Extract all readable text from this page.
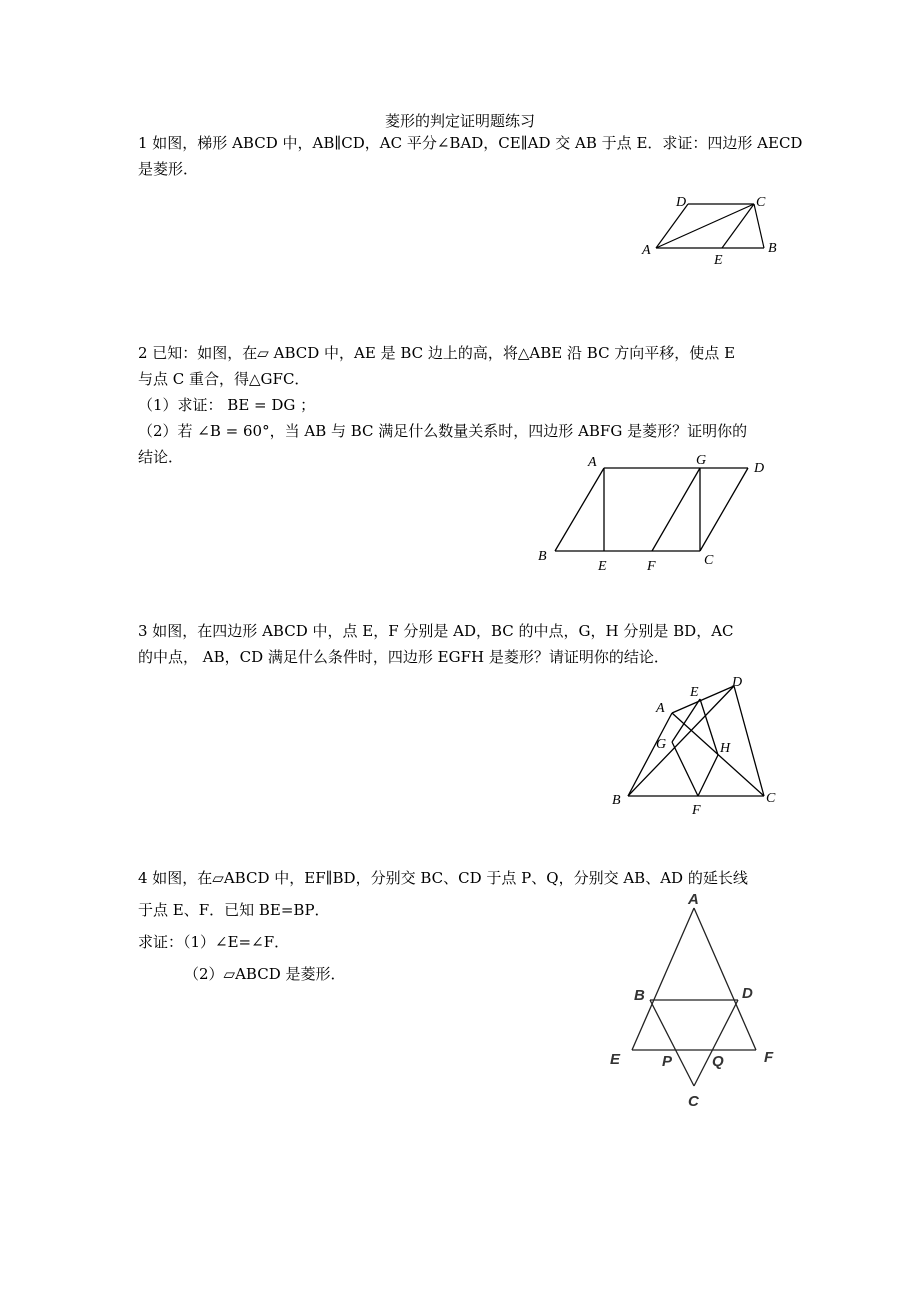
菱形的判定证明题练习
1 如图，梯形 ABCD 中，AB∥CD，AC 平分∠BAD，CE∥AD 交 AB 于点 E．求证：四边形 AECD
是菱形．
A	B
C
D
E
2 已知：如图，在▱ ABCD 中，AE 是 BC 边上的高，将△ABE 沿 BC 方向平移，使点 E
与点 C 重合，得△GFC．
（1）求证： BE = DG ；
（2）若 ∠B = 60°，当 AB 与 BC 满足什么数量关系时，四边形 ABFG 是菱形？证明你的
结论．	A	G
D
B
E	F	C
3 如图，在四边形 ABCD 中，点 E，F 分别是 AD，BC 的中点，G，H 分别是 BD，AC
的中点， AB，CD 满足什么条件时，四边形 EGFH 是菱形？请证明你的结论．
A
E
D
G	H
B
F
C
4 如图，在▱ABCD 中，EF∥BD，分别交 BC、CD 于点 P、Q，分别交 AB、AD 的延长线
于点 E、F．已知 BE=BP．
求证：（1）∠E=∠F．
（2）▱ABCD 是菱形．
A
B	D
E	P	Q	F
C
